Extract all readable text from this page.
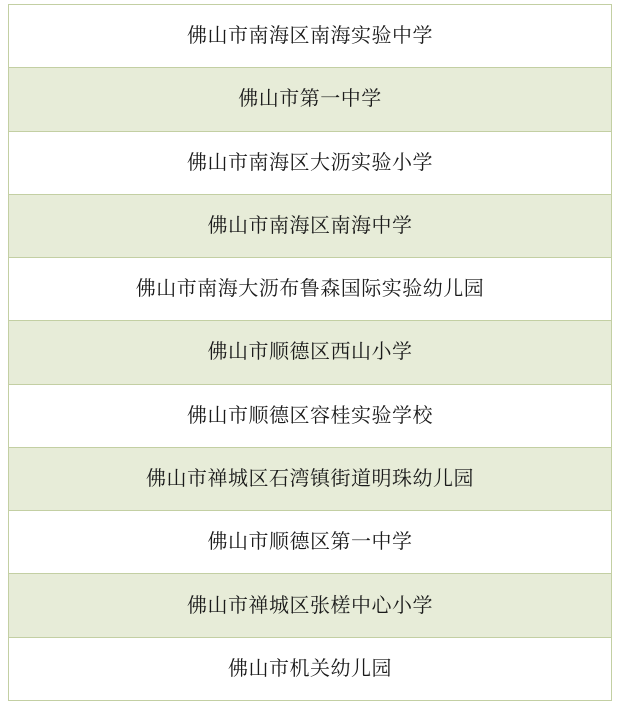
佛山市南海区南海实验中学
佛山市第一中学
佛山市南海区大沥实验小学
佛山市南海区南海中学
佛山市南海大沥布鲁森国际实验幼儿园
佛山市顺德区西山小学
佛山市顺德区容桂实验学校
佛山市禅城区石湾镇街道明珠幼儿园
佛山市顺德区第一中学
佛山市禅城区张槎中心小学
佛山市机关幼儿园
